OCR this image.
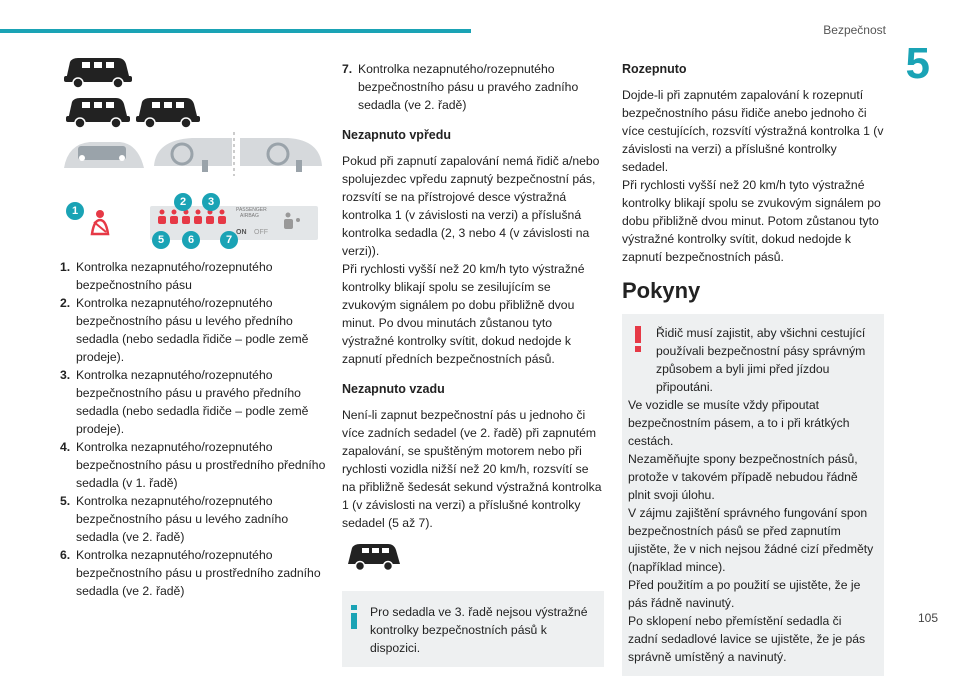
Bezpečnost
5
PASSENGER
AIRBAG
ON OFF
1
2	3
5	6	7
1. Kontrolka nezapnutého/rozepnutého bezpečnostního pásu
2. Kontrolka nezapnutého/rozepnutého bezpečnostního pásu u levého předního sedadla (nebo sedadla řidiče – podle země prodeje).
3. Kontrolka nezapnutého/rozepnutého bezpečnostního pásu u pravého předního sedadla (nebo sedadla řidiče – podle země prodeje).
4. Kontrolka nezapnutého/rozepnutého bezpečnostního pásu u prostředního předního sedadla (v 1. řadě)
5. Kontrolka nezapnutého/rozepnutého bezpečnostního pásu u levého zadního sedadla (ve 2. řadě)
6. Kontrolka nezapnutého/rozepnutého bezpečnostního pásu u prostředního zadního sedadla (ve 2. řadě)
7. Kontrolka nezapnutého/rozepnutého bezpečnostního pásu u pravého zadního sedadla (ve 2. řadě)
Nezapnuto vpředu

Pokud při zapnutí zapalování nemá řidič a/nebo spolujezdec vpředu zapnutý bezpečnostní pás, rozsvítí se na přístrojové desce výstražná kontrolka 1 (v závislosti na verzi) a příslušná kontrolka sedadla (2, 3 nebo 4 (v závislosti na verzi)).

Při rychlosti vyšší než 20 km/h tyto výstražné kontrolky blikají spolu se zesilujícím se zvukovým signálem po dobu přibližně dvou minut. Po dvou minutách zůstanou tyto výstražné kontrolky svítit, dokud nedojde k zapnutí předních bezpečnostních pásů.

Nezapnuto vzadu

Není-li zapnut bezpečnostní pás u jednoho či více zadních sedadel (ve 2. řadě) při zapnutém zapalování, se spuštěným motorem nebo při rychlosti vozidla nižší než 20 km/h, rozsvítí se na přibližně šedesát sekund výstražná kontrolka 1 (v závislosti na verzi) a příslušné kontrolky sedadel (5 až 7).

Pro sedadla ve 3. řadě nejsou výstražné kontrolky bezpečnostních pásů k dispozici.
Rozepnuto

Dojde-li při zapnutém zapalování k rozepnutí bezpečnostního pásu řidiče anebo jednoho či více cestujících, rozsvítí výstražná kontrolka 1 (v závislosti na verzi) a příslušné kontrolky sedadel.

Při rychlosti vyšší než 20 km/h tyto výstražné kontrolky blikají spolu se zvukovým signálem po dobu přibližně dvou minut. Potom zůstanou tyto výstražné kontrolky svítit, dokud nedojde k zapnutí bezpečnostních pásů.

Pokyny
Řidič musí zajistit, aby všichni cestující používali bezpečnostní pásy správným způsobem a byli jimi před jízdou připoutáni.
Ve vozidle se musíte vždy připoutat bezpečnostním pásem, a to i při krátkých cestách.
Nezaměňujte spony bezpečnostních pásů, protože v takovém případě nebudou řádně plnit svoji úlohu.
V zájmu zajištění správného fungování spon bezpečnostních pásů se před zapnutím ujistěte, že v nich nejsou žádné cizí předměty (například mince).
Před použitím a po použití se ujistěte, že je pás řádně navinutý.
Po sklopení nebo přemístění sedadla či zadní sedadlové lavice se ujistěte, že je pás správně umístěný a navinutý.
105
